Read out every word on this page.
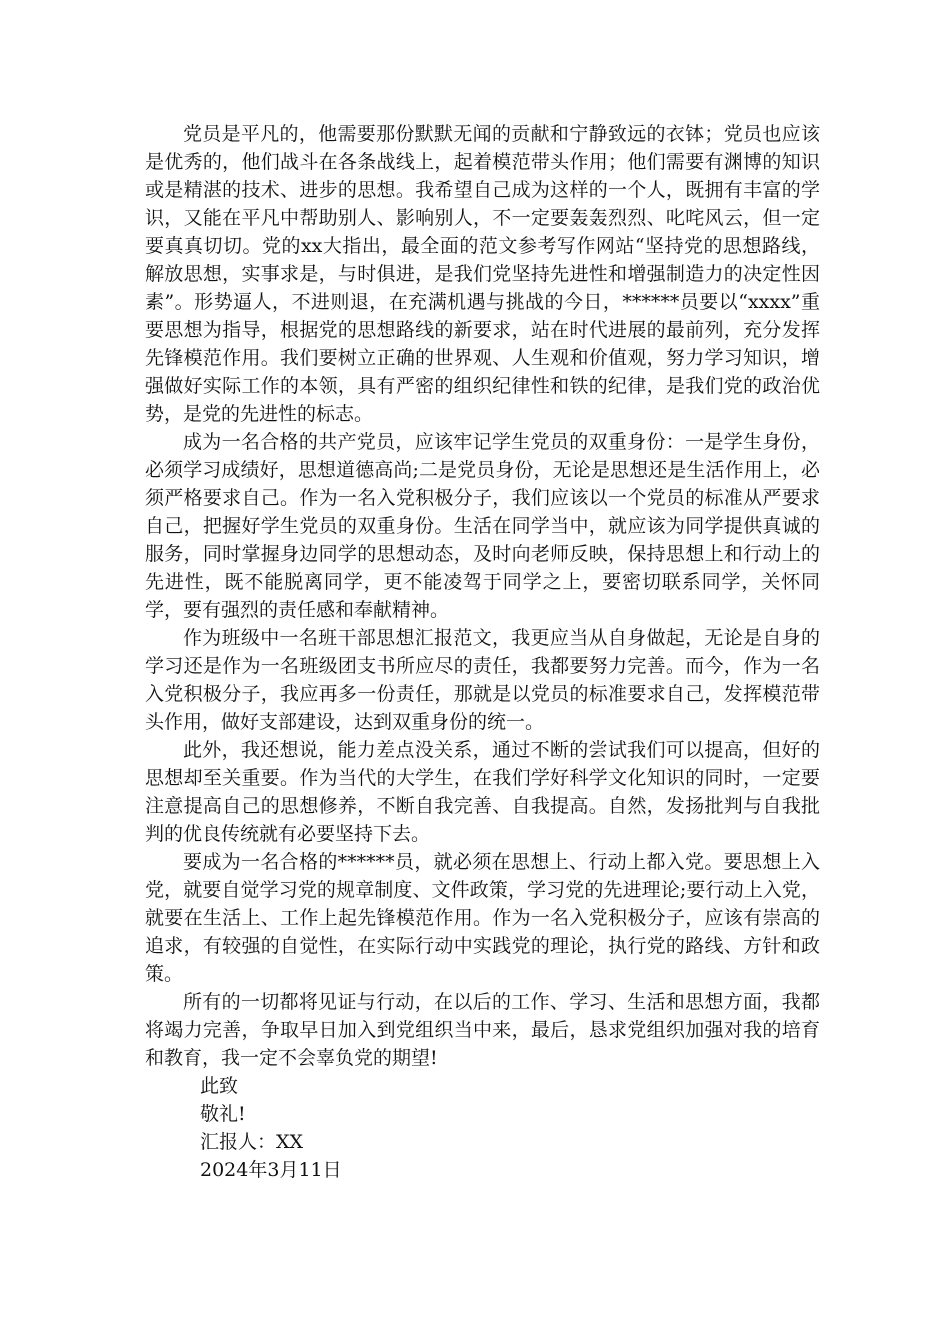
党员是平凡的，他需要那份默默无闻的贡献和宁静致远的衣钵；党员也应该是优秀的，他们战斗在各条战线上，起着模范带头作用；他们需要有渊博的知识或是精湛的技术、进步的思想。我希望自己成为这样的一个人，既拥有丰富的学识，又能在平凡中帮助别人、影响别人，不一定要轰轰烈烈、叱咤风云，但一定要真真切切。党的xx大指出，最全面的范文参考写作网站“坚持党的思想路线，解放思想，实事求是，与时俱进，是我们党坚持先进性和增强制造力的决定性因素”。形势逼人，不进则退，在充满机遇与挑战的今日，******员要以“xxxx”重要思想为指导，根据党的思想路线的新要求，站在时代进展的最前列，充分发挥先锋模范作用。我们要树立正确的世界观、人生观和价值观，努力学习知识，增强做好实际工作的本领，具有严密的组织纪律性和铁的纪律，是我们党的政治优势，是党的先进性的标志。

成为一名合格的共产党员，应该牢记学生党员的双重身份：一是学生身份，必须学习成绩好，思想道德高尚;二是党员身份，无论是思想还是生活作用上，必须严格要求自己。作为一名入党积极分子，我们应该以一个党员的标准从严要求自己，把握好学生党员的双重身份。生活在同学当中，就应该为同学提供真诚的服务，同时掌握身边同学的思想动态，及时向老师反映，保持思想上和行动上的先进性，既不能脱离同学，更不能凌驾于同学之上，要密切联系同学，关怀同学，要有强烈的责任感和奉献精神。

作为班级中一名班干部思想汇报范文，我更应当从自身做起，无论是自身的学习还是作为一名班级团支书所应尽的责任，我都要努力完善。而今，作为一名入党积极分子，我应再多一份责任，那就是以党员的标准要求自己，发挥模范带头作用，做好支部建设，达到双重身份的统一。

此外，我还想说，能力差点没关系，通过不断的尝试我们可以提高，但好的思想却至关重要。作为当代的大学生，在我们学好科学文化知识的同时，一定要注意提高自己的思想修养，不断自我完善、自我提高。自然，发扬批判与自我批判的优良传统就有必要坚持下去。

要成为一名合格的******员，就必须在思想上、行动上都入党。要思想上入党，就要自觉学习党的规章制度、文件政策，学习党的先进理论;要行动上入党，就要在生活上、工作上起先锋模范作用。作为一名入党积极分子，应该有崇高的追求，有较强的自觉性，在实际行动中实践党的理论，执行党的路线、方针和政策。

所有的一切都将见证与行动，在以后的工作、学习、生活和思想方面，我都将竭力完善，争取早日加入到党组织当中来，最后，恳求党组织加强对我的培育和教育，我一定不会辜负党的期望!

此致

敬礼!

汇报人：XX

2024年3月11日
